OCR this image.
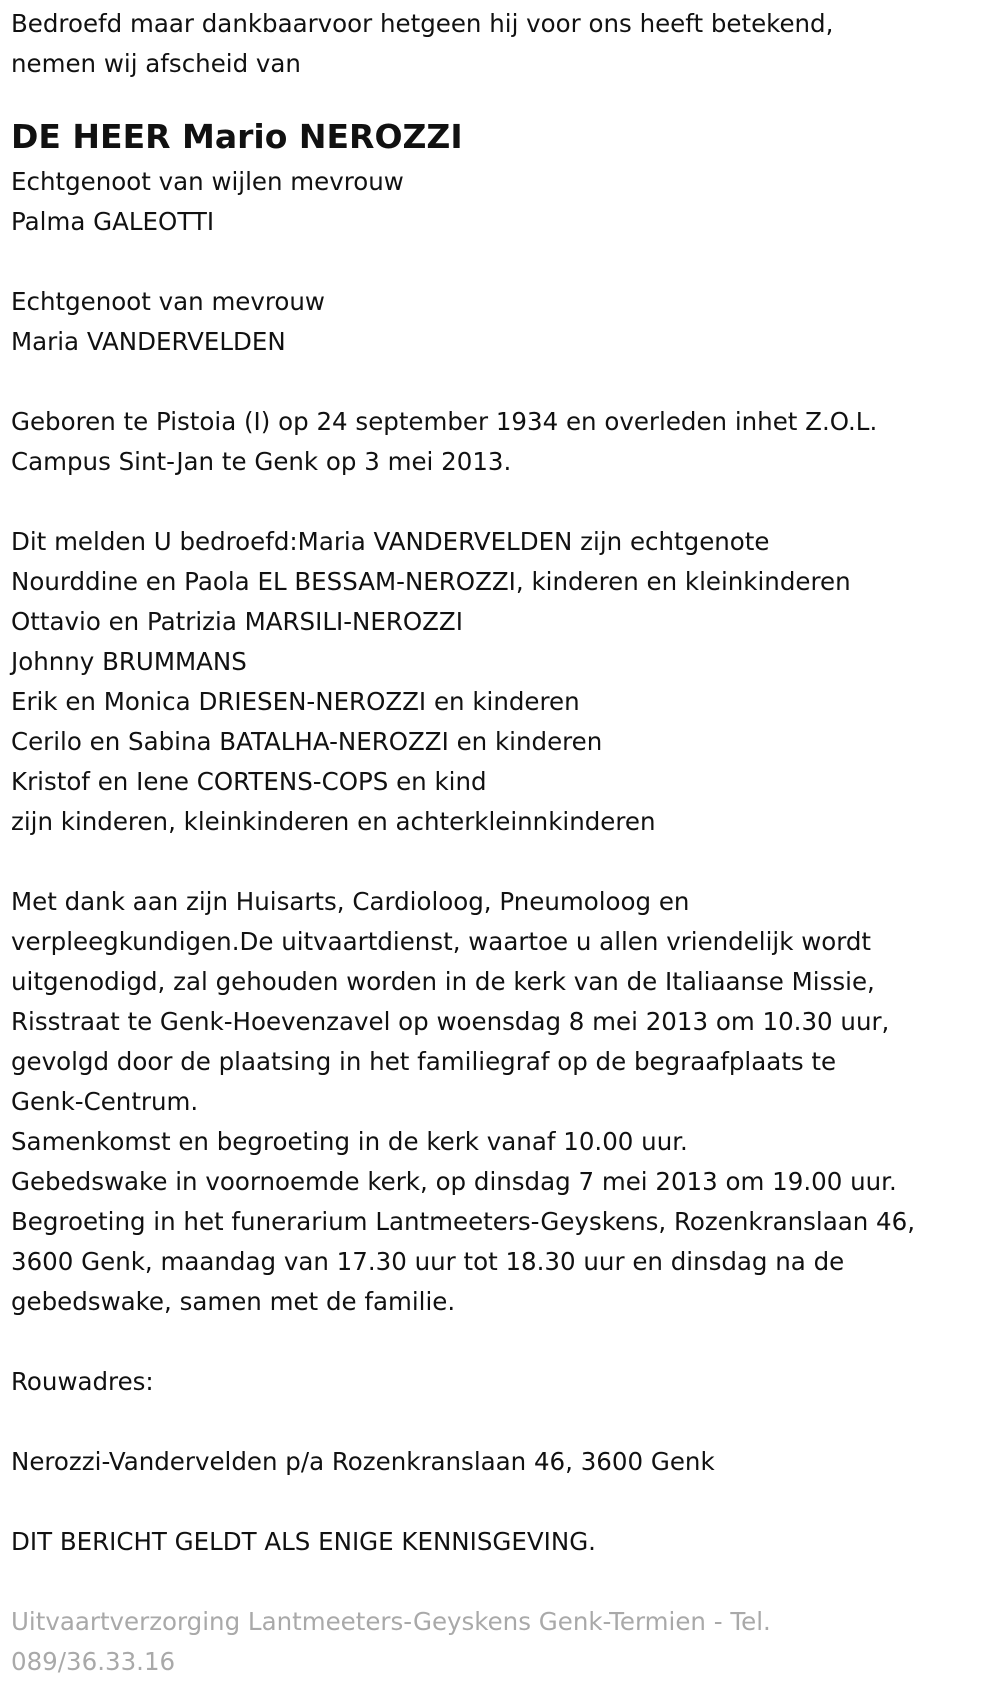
Bedroefd maar dankbaarvoor hetgeen hij voor ons heeft betekend,

nemen wij afscheid van

DE HEER Mario NEROZZI

Echtgenoot van wijlen mevrouw

Palma GALEOTTI

Echtgenoot van mevrouw

Maria VANDERVELDEN

Geboren te Pistoia (I) op 24 september 1934 en overleden inhet Z.O.L.

Campus Sint-Jan te Genk op 3 mei 2013.

Dit melden U bedroefd:Maria VANDERVELDEN zijn echtgenote

Nourddine en Paola EL BESSAM-NEROZZI, kinderen en kleinkinderen

Ottavio en Patrizia MARSILI-NEROZZI

Johnny BRUMMANS

Erik en Monica DRIESEN-NEROZZI en kinderen

Cerilo en Sabina BATALHA-NEROZZI en kinderen

Kristof en Iene CORTENS-COPS en kind

zijn kinderen, kleinkinderen en achterkleinnkinderen

Met dank aan zijn Huisarts, Cardioloog, Pneumoloog en

verpleegkundigen.De uitvaartdienst, waartoe u allen vriendelijk wordt

uitgenodigd, zal gehouden worden in de kerk van de Italiaanse Missie,

Risstraat te Genk-Hoevenzavel op woensdag 8 mei 2013 om 10.30 uur,

gevolgd door de plaatsing in het familiegraf op de begraafplaats te

Genk-Centrum.

Samenkomst en begroeting in de kerk vanaf 10.00 uur.

Gebedswake in voornoemde kerk, op dinsdag 7 mei 2013 om 19.00 uur.

Begroeting in het funerarium Lantmeeters-Geyskens, Rozenkranslaan 46,

3600 Genk, maandag van 17.30 uur tot 18.30 uur en dinsdag na de

gebedswake, samen met de familie.

Rouwadres:

Nerozzi-Vandervelden p/a Rozenkranslaan 46, 3600 Genk

DIT BERICHT GELDT ALS ENIGE KENNISGEVING.

Uitvaartverzorging Lantmeeters-Geyskens Genk-Termien - Tel.

089/36.33.16
